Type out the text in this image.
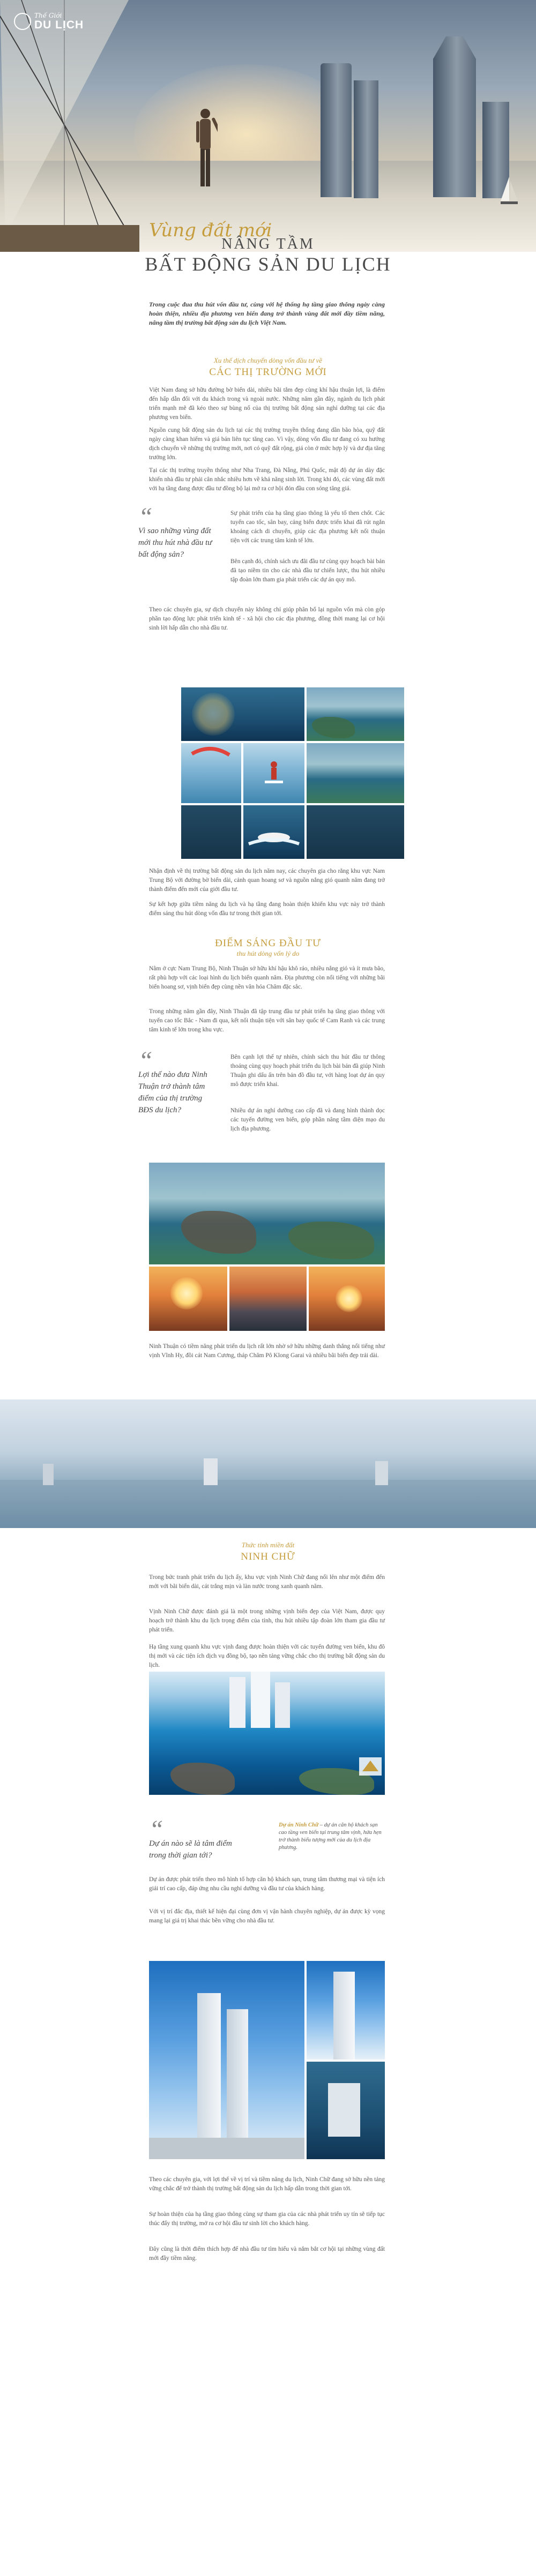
Thế Giới
DU LỊCH
Vùng đất mới
NÂNG TẦM
BẤT ĐỘNG SẢN DU LỊCH

Trong cuộc đua thu hút vốn đầu tư, cùng với hệ thống hạ tầng giao thông ngày càng hoàn thiện, nhiều địa phương ven biển đang trở thành vùng đất mới đầy tiềm năng, nâng tầm thị trường bất động sản du lịch Việt Nam.

Xu thế dịch chuyển dòng vốn đầu tư về
CÁC THỊ TRƯỜNG MỚI

Việt Nam đang sở hữu đường bờ biển dài, nhiều bãi tắm đẹp cùng khí hậu thuận lợi, là điểm đến hấp dẫn đối với du khách trong và ngoài nước. Những năm gần đây, ngành du lịch phát triển mạnh mẽ đã kéo theo sự bùng nổ của thị trường bất động sản nghỉ dưỡng tại các địa phương ven biển.

Nguồn cung bất động sản du lịch tại các thị trường truyền thống đang dần bão hòa, quỹ đất ngày càng khan hiếm và giá bán liên tục tăng cao. Vì vậy, dòng vốn đầu tư đang có xu hướng dịch chuyển về những thị trường mới, nơi có quỹ đất rộng, giá còn ở mức hợp lý và dư địa tăng trưởng lớn.

Tại các thị trường truyền thống như Nha Trang, Đà Nẵng, Phú Quốc, mật độ dự án dày đặc khiến nhà đầu tư phải cân nhắc nhiều hơn về khả năng sinh lời. Trong khi đó, các vùng đất mới với hạ tầng đang được đầu tư đồng bộ lại mở ra cơ hội đón đầu con sóng tăng giá.

“
Vì sao những vùng đất mới thu hút nhà đầu tư bất động sản?

Sự phát triển của hạ tầng giao thông là yếu tố then chốt. Các tuyến cao tốc, sân bay, cảng biển được triển khai đã rút ngắn khoảng cách di chuyển, giúp các địa phương kết nối thuận tiện với các trung tâm kinh tế lớn.

Bên cạnh đó, chính sách ưu đãi đầu tư cùng quy hoạch bài bản đã tạo niềm tin cho các nhà đầu tư chiến lược, thu hút nhiều tập đoàn lớn tham gia phát triển các dự án quy mô.

Theo các chuyên gia, sự dịch chuyển này không chỉ giúp phân bổ lại nguồn vốn mà còn góp phần tạo động lực phát triển kinh tế - xã hội cho các địa phương, đồng thời mang lại cơ hội sinh lời hấp dẫn cho nhà đầu tư.

Nhận định về thị trường bất động sản du lịch năm nay, các chuyên gia cho rằng khu vực Nam Trung Bộ với đường bờ biển dài, cảnh quan hoang sơ và nguồn nắng gió quanh năm đang trở thành điểm đến mới của giới đầu tư.

Sự kết hợp giữa tiềm năng du lịch và hạ tầng đang hoàn thiện khiến khu vực này trở thành điểm sáng thu hút dòng vốn đầu tư trong thời gian tới.

ĐIỂM SÁNG ĐẦU TƯ
thu hút dòng vốn lý do

Nằm ở cực Nam Trung Bộ, Ninh Thuận sở hữu khí hậu khô ráo, nhiều nắng gió và ít mưa bão, rất phù hợp với các loại hình du lịch biển quanh năm. Địa phương còn nổi tiếng với những bãi biển hoang sơ, vịnh biển đẹp cùng nền văn hóa Chăm đặc sắc.

Trong những năm gần đây, Ninh Thuận đã tập trung đầu tư phát triển hạ tầng giao thông với tuyến cao tốc Bắc - Nam đi qua, kết nối thuận tiện với sân bay quốc tế Cam Ranh và các trung tâm kinh tế lớn trong khu vực.

“
Lợi thế nào đưa Ninh Thuận trở thành tâm điểm của thị trường BĐS du lịch?

Bên cạnh lợi thế tự nhiên, chính sách thu hút đầu tư thông thoáng cùng quy hoạch phát triển du lịch bài bản đã giúp Ninh Thuận ghi dấu ấn trên bản đồ đầu tư, với hàng loạt dự án quy mô được triển khai.

Nhiều dự án nghỉ dưỡng cao cấp đã và đang hình thành dọc các tuyến đường ven biển, góp phần nâng tầm diện mạo du lịch địa phương.

Ninh Thuận có tiềm năng phát triển du lịch rất lớn nhờ sở hữu những danh thắng nổi tiếng như vịnh Vĩnh Hy, đồi cát Nam Cương, tháp Chăm Pô Klong Garai và nhiều bãi biển đẹp trải dài.

Thức tỉnh miền đất
NINH CHỮ

Trong bức tranh phát triển du lịch ấy, khu vực vịnh Ninh Chữ đang nổi lên như một điểm đến mới với bãi biển dài, cát trắng mịn và làn nước trong xanh quanh năm.

Vịnh Ninh Chữ được đánh giá là một trong những vịnh biển đẹp của Việt Nam, được quy hoạch trở thành khu du lịch trọng điểm của tỉnh, thu hút nhiều tập đoàn lớn tham gia đầu tư phát triển.

Hạ tầng xung quanh khu vực vịnh đang được hoàn thiện với các tuyến đường ven biển, khu đô thị mới và các tiện ích dịch vụ đồng bộ, tạo nền tảng vững chắc cho thị trường bất động sản du lịch.

“
Dự án nào sẽ là tâm điểm trong thời gian tới?
Dự án Ninh Chữ – dự án căn hộ khách sạn cao tầng ven biển tại trung tâm vịnh, hứa hẹn trở thành biểu tượng mới của du lịch địa phương.

Dự án được phát triển theo mô hình tổ hợp căn hộ khách sạn, trung tâm thương mại và tiện ích giải trí cao cấp, đáp ứng nhu cầu nghỉ dưỡng và đầu tư của khách hàng.

Với vị trí đắc địa, thiết kế hiện đại cùng đơn vị vận hành chuyên nghiệp, dự án được kỳ vọng mang lại giá trị khai thác bền vững cho nhà đầu tư.

Theo các chuyên gia, với lợi thế về vị trí và tiềm năng du lịch, Ninh Chữ đang sở hữu nền tảng vững chắc để trở thành thị trường bất động sản du lịch hấp dẫn trong thời gian tới.

Sự hoàn thiện của hạ tầng giao thông cùng sự tham gia của các nhà phát triển uy tín sẽ tiếp tục thúc đẩy thị trường, mở ra cơ hội đầu tư sinh lời cho khách hàng.

Đây cũng là thời điểm thích hợp để nhà đầu tư tìm hiểu và nắm bắt cơ hội tại những vùng đất mới đầy tiềm năng.
